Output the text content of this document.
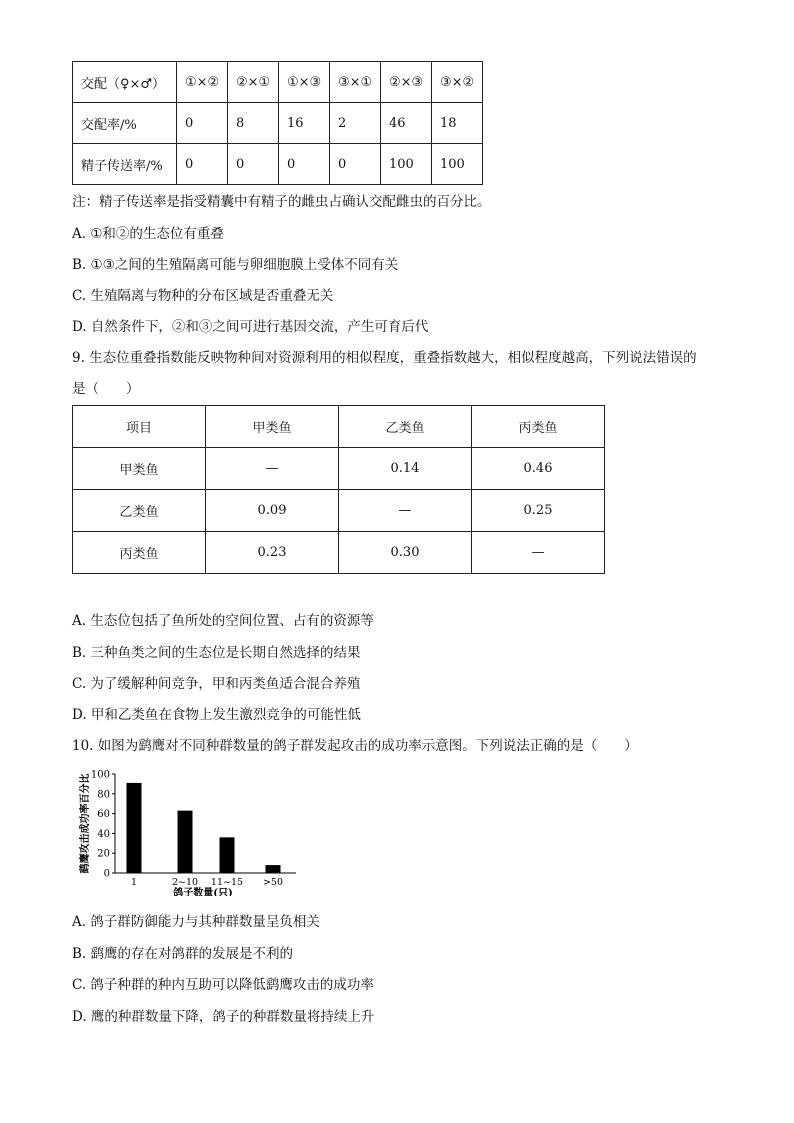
交配（♀×♂）	①×②	②×①	①×③	③×①	②×③	③×②
交配率/%	0	8	16	2	46	18
精子传送率/%	0	0	0	0	100	100
注：精子传送率是指受精囊中有精子的雌虫占确认交配雌虫的百分比。
A. ①和②的生态位有重叠
B. ①③之间的生殖隔离可能与卵细胞膜上受体不同有关
C. 生殖隔离与物种的分布区域是否重叠无关
D. 自然条件下，②和③之间可进行基因交流，产生可育后代
9. 生态位重叠指数能反映物种间对资源利用的相似程度，重叠指数越大，相似程度越高，下列说法错误的
是（　　）
项目	甲类鱼	乙类鱼	丙类鱼
甲类鱼	—	0.14	0.46
乙类鱼	0.09	—	0.25
丙类鱼	0.23	0.30	—
A. 生态位包括了鱼所处的空间位置、占有的资源等
B. 三种鱼类之间的生态位是长期自然选择的结果
C. 为了缓解种间竞争，甲和丙类鱼适合混合养殖
D. 甲和乙类鱼在食物上发生激烈竞争的可能性低
10. 如图为鹞鹰对不同种群数量的鸽子群发起攻击的成功率示意图。下列说法正确的是（　　）
鹞鹰攻击成功率百分比
0
20
40
60
80
100
1	2~10 11~15 >50
鸽子数量(只)
A. 鸽子群防御能力与其种群数量呈负相关
B. 鹞鹰的存在对鸽群的发展是不利的
C. 鸽子种群的种内互助可以降低鹞鹰攻击的成功率
D. 鹰的种群数量下降，鸽子的种群数量将持续上升
